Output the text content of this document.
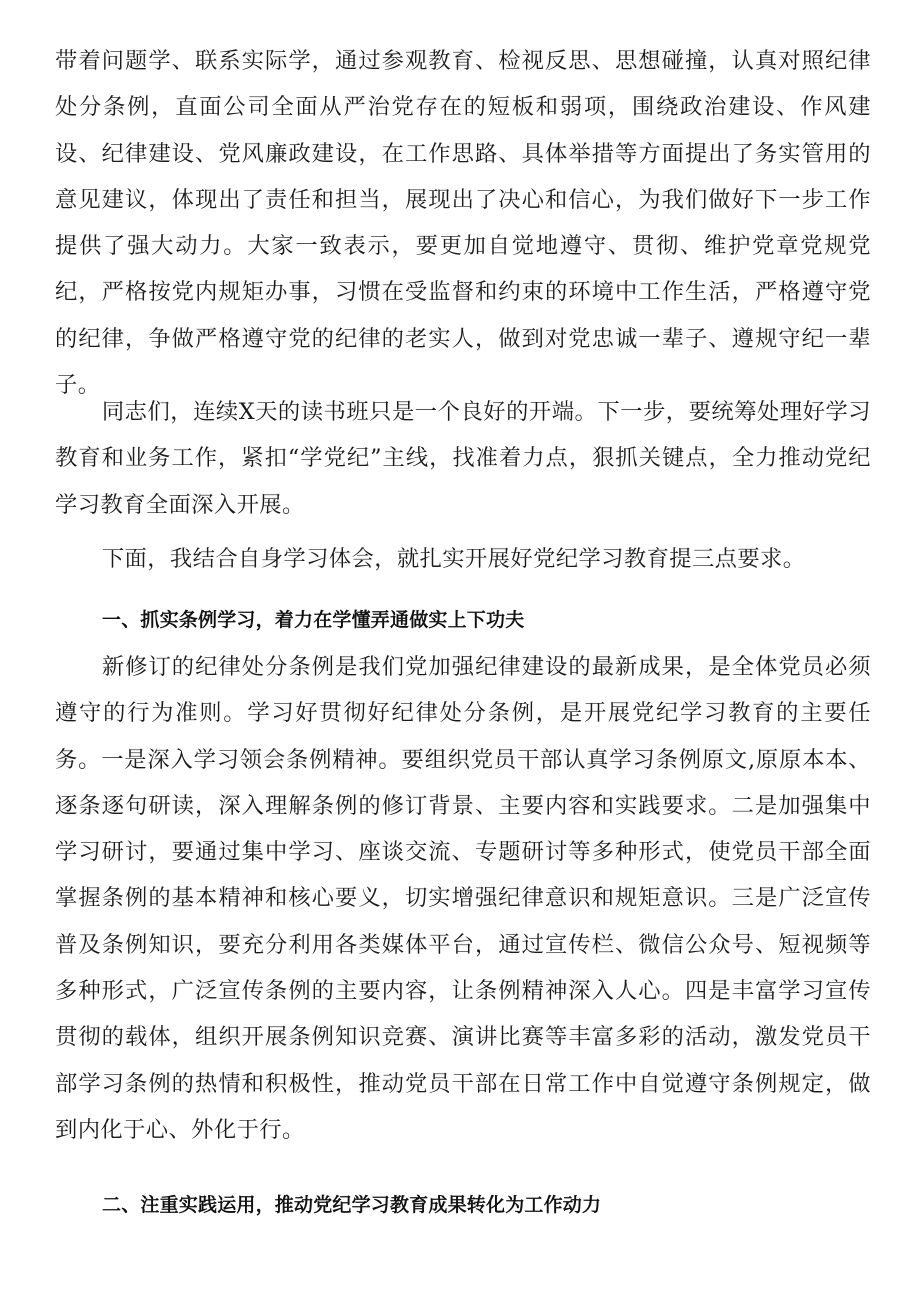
带着问题学、联系实际学，通过参观教育、检视反思、思想碰撞，认真对照纪律处分条例，直面公司全面从严治党存在的短板和弱项，围绕政治建设、作风建设、纪律建设、党风廉政建设，在工作思路、具体举措等方面提出了务实管用的意见建议，体现出了责任和担当，展现出了决心和信心，为我们做好下一步工作提供了强大动力。大家一致表示，要更加自觉地遵守、贯彻、维护党章党规党纪，严格按党内规矩办事，习惯在受监督和约束的环境中工作生活，严格遵守党的纪律，争做严格遵守党的纪律的老实人，做到对党忠诚一辈子、遵规守纪一辈子。

同志们，连续X天的读书班只是一个良好的开端。下一步，要统筹处理好学习教育和业务工作，紧扣“学党纪”主线，找准着力点，狠抓关键点，全力推动党纪学习教育全面深入开展。

下面，我结合自身学习体会，就扎实开展好党纪学习教育提三点要求。

一、抓实条例学习，着力在学懂弄通做实上下功夫

新修订的纪律处分条例是我们党加强纪律建设的最新成果，是全体党员必须遵守的行为准则。学习好贯彻好纪律处分条例，是开展党纪学习教育的主要任务。一是深入学习领会条例精神。要组织党员干部认真学习条例原文,原原本本、逐条逐句研读，深入理解条例的修订背景、主要内容和实践要求。二是加强集中学习研讨，要通过集中学习、座谈交流、专题研讨等多种形式，使党员干部全面掌握条例的基本精神和核心要义，切实增强纪律意识和规矩意识。三是广泛宣传普及条例知识，要充分利用各类媒体平台，通过宣传栏、微信公众号、短视频等多种形式，广泛宣传条例的主要内容，让条例精神深入人心。四是丰富学习宣传贯彻的载体，组织开展条例知识竞赛、演讲比赛等丰富多彩的活动，激发党员干部学习条例的热情和积极性，推动党员干部在日常工作中自觉遵守条例规定，做到内化于心、外化于行。

二、注重实践运用，推动党纪学习教育成果转化为工作动力
